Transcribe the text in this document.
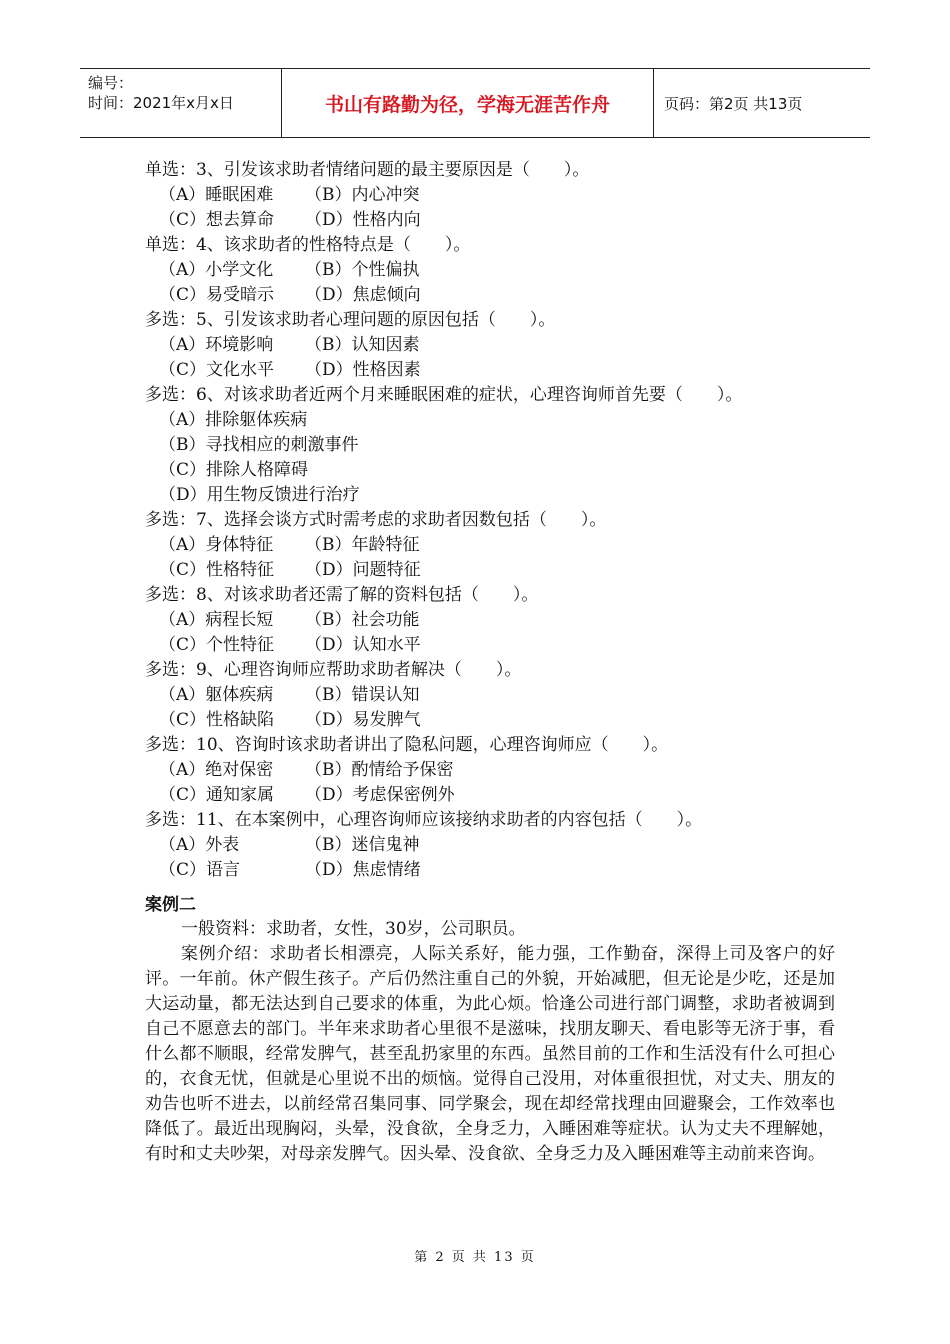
编号：
时间：2021年x月x日	书山有路勤为径，学海无涯苦作舟	页码：第2页 共13页
单选：3、引发该求助者情绪问题的最主要原因是（　　）。
（A）睡眠困难 （B）内心冲突
（C）想去算命 （D）性格内向
单选：4、该求助者的性格特点是（　　）。
（A）小学文化 （B）个性偏执
（C）易受暗示 （D）焦虑倾向
多选：5、引发该求助者心理问题的原因包括（　　）。
（A）环境影响 （B）认知因素
（C）文化水平 （D）性格因素
多选：6、对该求助者近两个月来睡眠困难的症状，心理咨询师首先要（　　）。
（A）排除躯体疾病
（B）寻找相应的刺激事件
（C）排除人格障碍
（D）用生物反馈进行治疗
多选：7、选择会谈方式时需考虑的求助者因数包括（　　）。
（A）身体特征 （B）年龄特征
（C）性格特征 （D）问题特征
多选：8、对该求助者还需了解的资料包括（　　）。
（A）病程长短 （B）社会功能
（C）个性特征 （D）认知水平
多选：9、心理咨询师应帮助求助者解决（　　）。
（A）躯体疾病 （B）错误认知
（C）性格缺陷 （D）易发脾气
多选：10、咨询时该求助者讲出了隐私问题，心理咨询师应（　　）。
（A）绝对保密 （B）酌情给予保密
（C）通知家属 （D）考虑保密例外
多选：11、在本案例中，心理咨询师应该接纳求助者的内容包括（　　）。
（A）外表	（B）迷信鬼神
（C）语言	（D）焦虑情绪
案例二
一般资料：求助者，女性，30岁，公司职员。
案例介绍：求助者长相漂亮，人际关系好，能力强，工作勤奋，深得上司及客户的好评。一年前。休产假生孩子。产后仍然注重自己的外貌，开始减肥，但无论是少吃，还是加大运动量，都无法达到自己要求的体重，为此心烦。恰逢公司进行部门调整，求助者被调到自己不愿意去的部门。半年来求助者心里很不是滋味，找朋友聊天、看电影等无济于事，看什么都不顺眼，经常发脾气，甚至乱扔家里的东西。虽然目前的工作和生活没有什么可担心的，衣食无忧，但就是心里说不出的烦恼。觉得自己没用，对体重很担忧，对丈夫、朋友的劝告也听不进去，以前经常召集同事、同学聚会，现在却经常找理由回避聚会，工作效率也降低了。最近出现胸闷，头晕，没食欲，全身乏力，入睡困难等症状。认为丈夫不理解她，有时和丈夫吵架，对母亲发脾气。因头晕、没食欲、全身乏力及入睡困难等主动前来咨询。
第 2 页 共 13 页
